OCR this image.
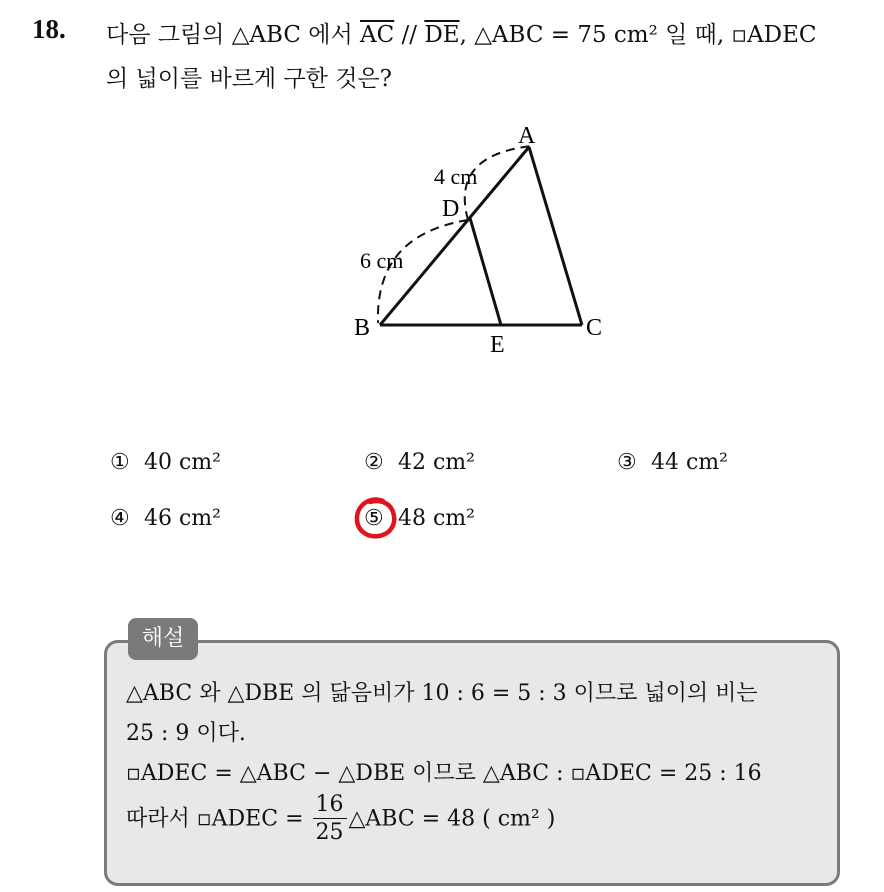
18. 다음 그림의 △ABC 에서 $\overline{AC} // \overline{DE}$, △ABC = 75 cm² 일 때, ▫ADEC
의 넓이를 바르게 구한 것은?
A
B	C
D
E
4 cm
6 cm
① 40 cm²	② 42 cm²	③ 44 cm²
④ 46 cm²	⑤ 48 cm²
해설
△ABC 와 △DBE 의 닮음비가 10 : 6 = 5 : 3 이므로 넓이의 비는
25 : 9 이다.
▫ADEC = △ABC − △DBE 이므로 △ABC : ▫ADEC = 25 : 16
따라서 ▫ADEC = $\frac{16}{25}$ △ABC = 48 ( cm² )
